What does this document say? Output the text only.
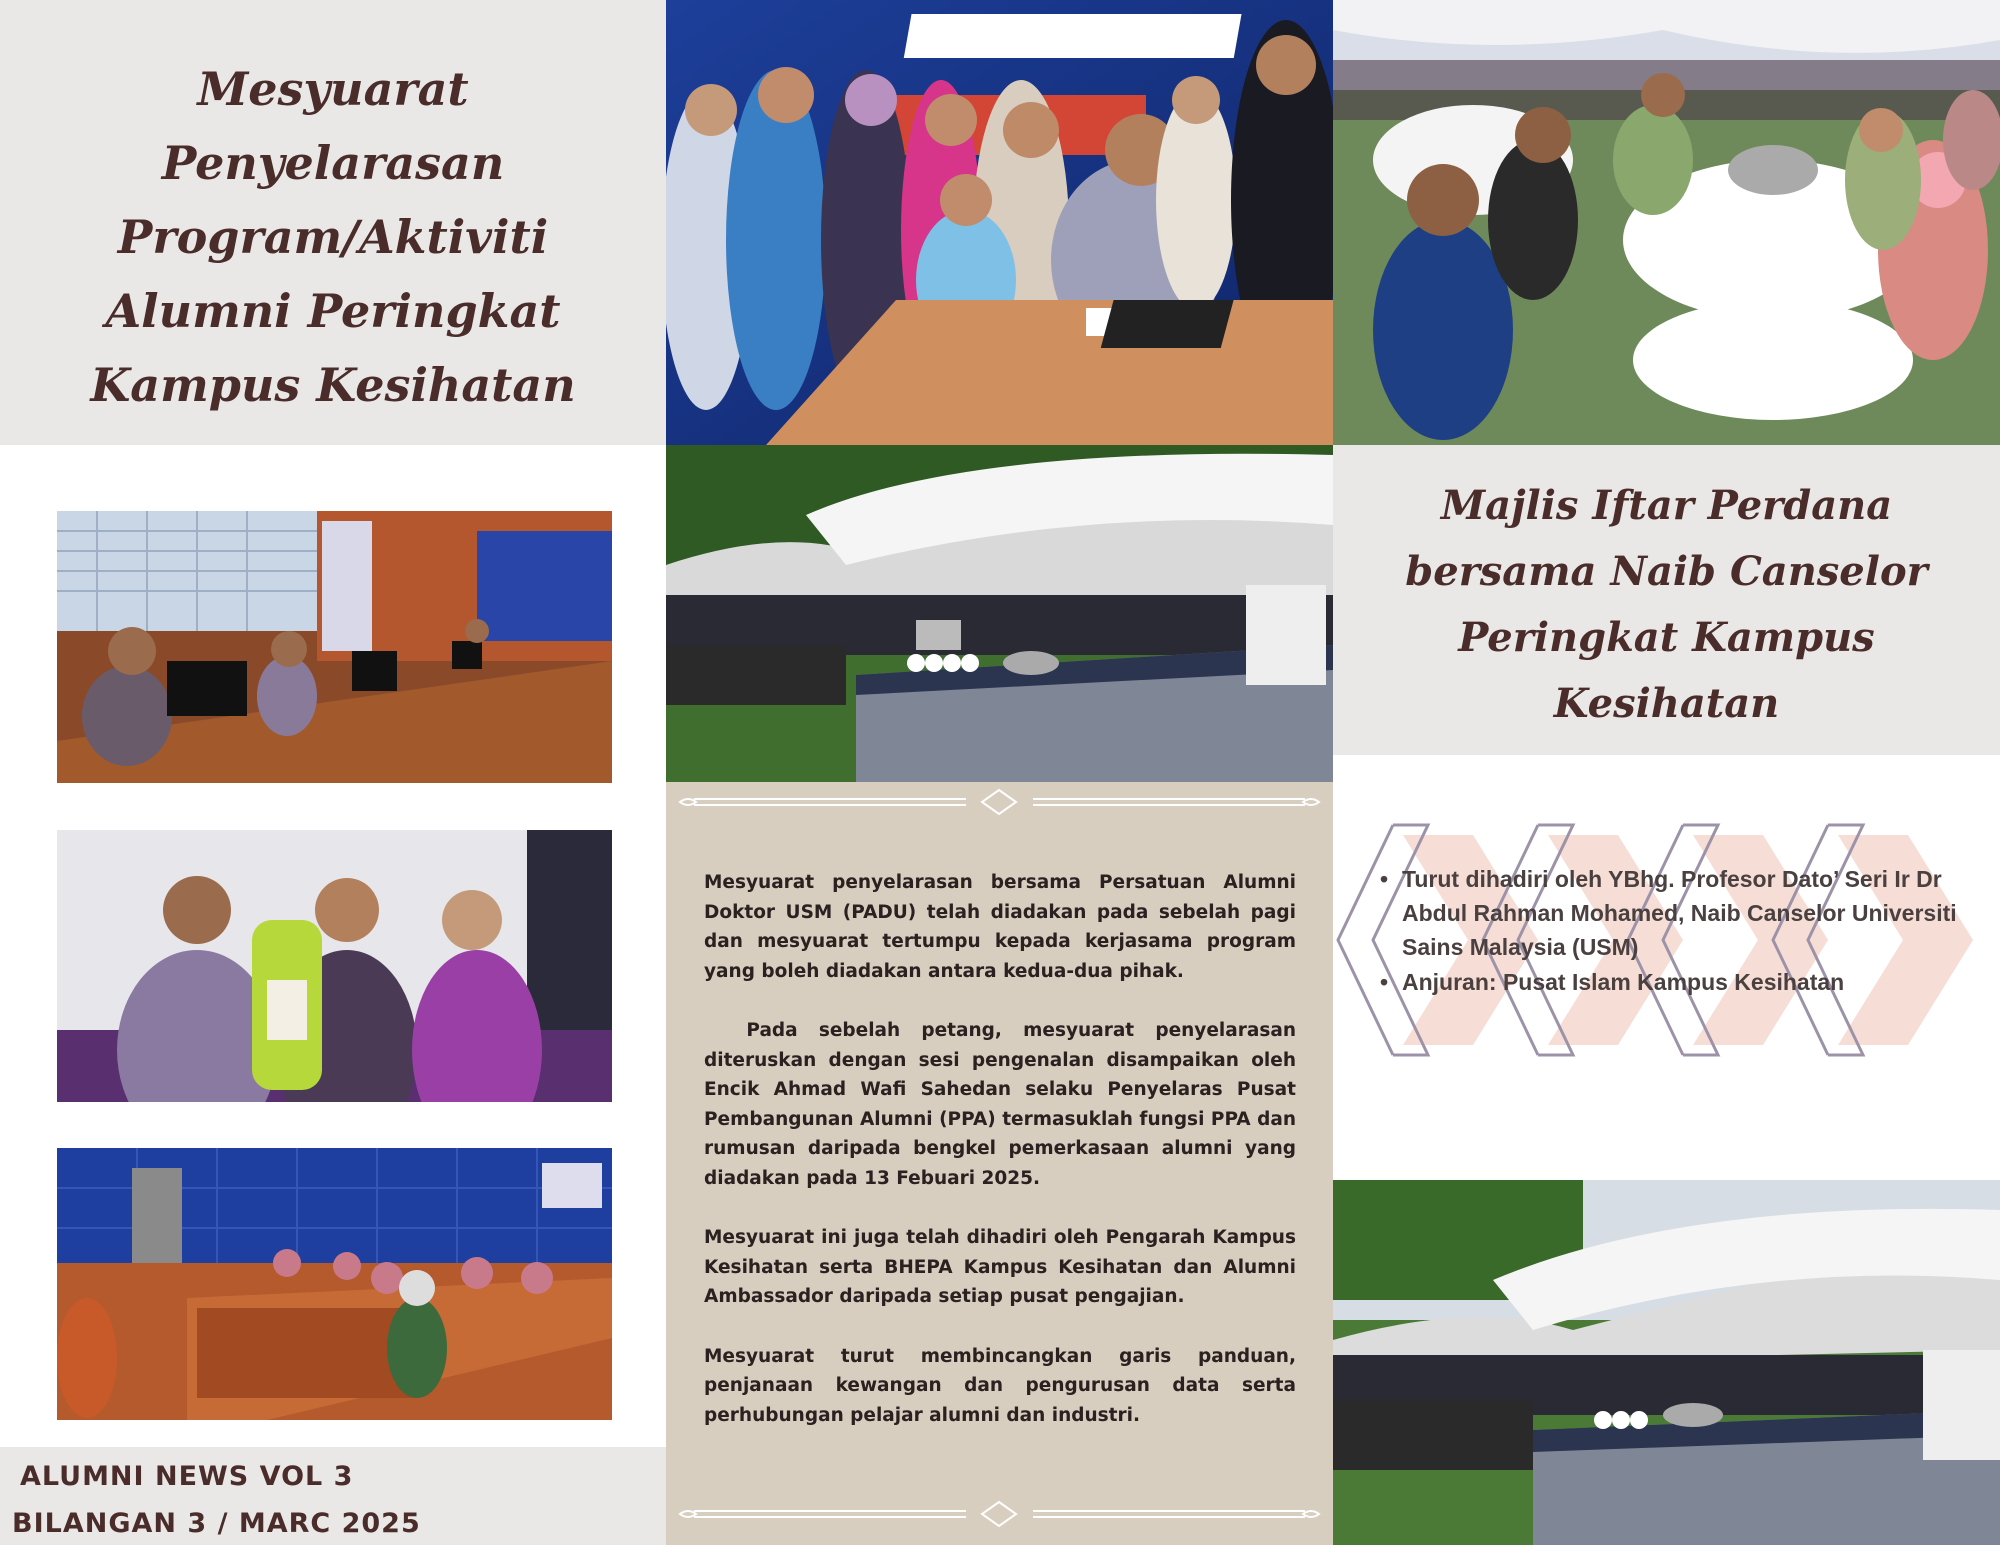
Mesyuarat

Penyelarasan

Program/Aktiviti

Alumni Peringkat

Kampus Kesihatan

Mesyuarat penyelarasan bersama Persatuan Alumni Doktor USM (PADU) telah diadakan pada sebelah pagi dan mesyuarat tertumpu kepada kerjasama program yang boleh diadakan antara kedua-dua pihak.

Pada sebelah petang, mesyuarat penyelarasan diteruskan dengan sesi pengenalan disampaikan oleh Encik Ahmad Wafi Sahedan selaku Penyelaras Pusat Pembangunan Alumni (PPA) termasuklah fungsi PPA dan rumusan daripada bengkel pemerkasaan alumni yang diadakan pada 13 Febuari 2025.

Mesyuarat ini juga telah dihadiri oleh Pengarah Kampus Kesihatan serta BHEPA Kampus Kesihatan dan Alumni Ambassador daripada setiap pusat pengajian.

Mesyuarat turut membincangkan garis panduan, penjanaan kewangan dan pengurusan data serta perhubungan pelajar alumni dan industri.

Majlis Iftar Perdana

bersama Naib Canselor

Peringkat Kampus

Kesihatan

• Turut dihadiri oleh YBhg. Profesor Dato’ Seri Ir Dr Abdul Rahman Mohamed, Naib Canselor Universiti Sains Malaysia (USM)
• Anjuran: Pusat Islam Kampus Kesihatan

ALUMNI NEWS VOL 3

BILANGAN 3 / MARC 2025
